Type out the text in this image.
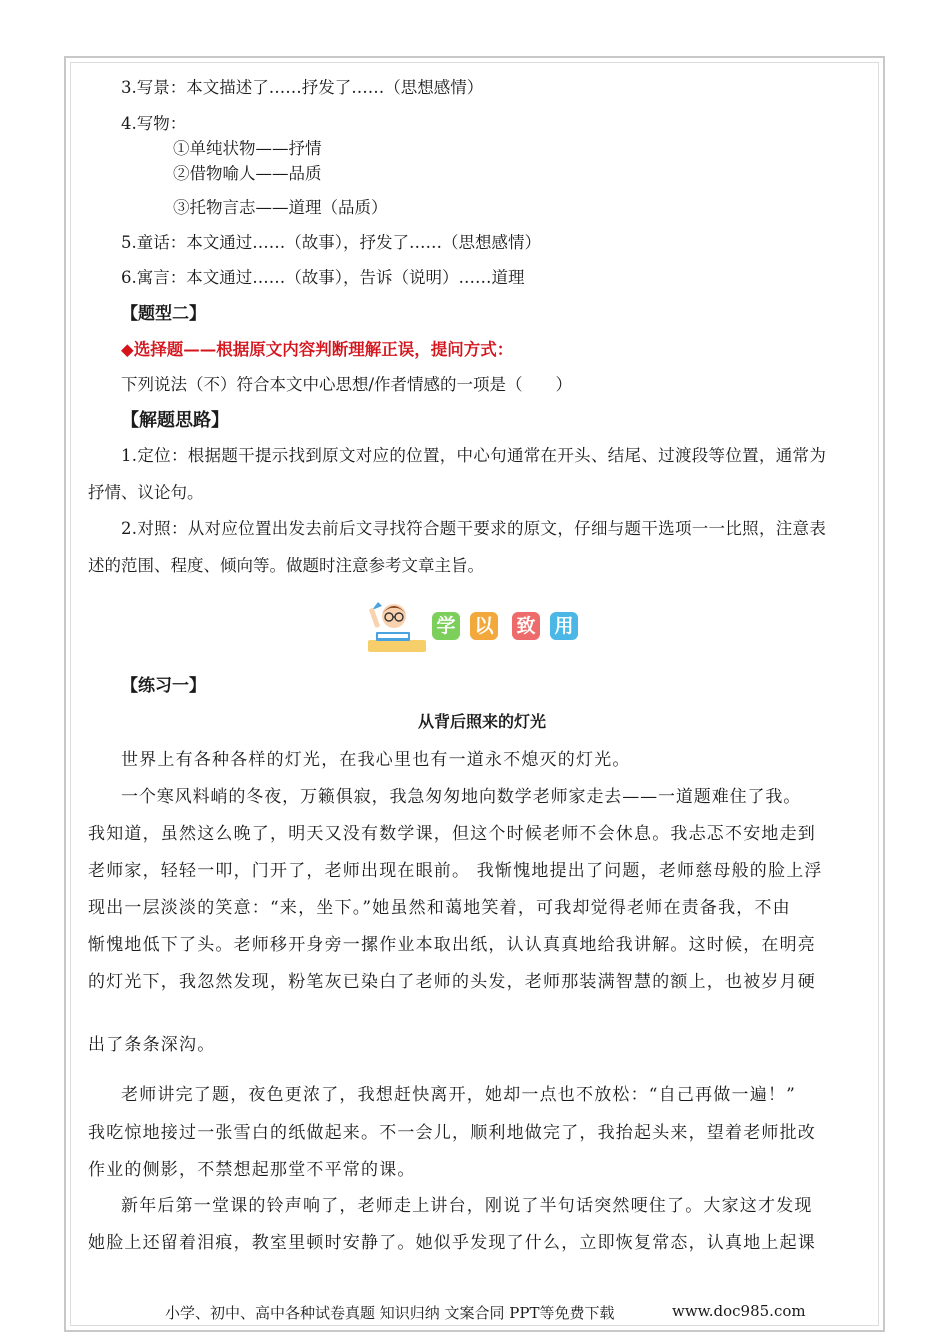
3.写景：本文描述了……抒发了……（思想感情）
4.写物：
①单纯状物——抒情
②借物喻人——品质
③托物言志——道理（品质）
5.童话：本文通过……（故事），抒发了……（思想感情）
6.寓言：本文通过……（故事），告诉（说明）……道理
【题型二】
◆选择题——根据原文内容判断理解正误，提问方式：
下列说法（不）符合本文中心思想/作者情感的一项是（　　）
【解题思路】
1.定位：根据题干提示找到原文对应的位置，中心句通常在开头、结尾、过渡段等位置，通常为
抒情、议论句。
2.对照：从对应位置出发去前后文寻找符合题干要求的原文，仔细与题干选项一一比照，注意表
述的范围、程度、倾向等。做题时注意参考文章主旨。
学 以 致 用
【练习一】
从背后照来的灯光
世界上有各种各样的灯光，在我心里也有一道永不熄灭的灯光。
一个寒风料峭的冬夜，万籁俱寂，我急匆匆地向数学老师家走去——一道题难住了我。
我知道，虽然这么晚了，明天又没有数学课，但这个时候老师不会休息。我忐忑不安地走到
老师家，轻轻一叩，门开了，老师出现在眼前。 我惭愧地提出了问题，老师慈母般的脸上浮
现出一层淡淡的笑意：“来，坐下。”她虽然和蔼地笑着，可我却觉得老师在责备我，不由
惭愧地低下了头。老师移开身旁一摞作业本取出纸，认认真真地给我讲解。这时候，在明亮
的灯光下，我忽然发现，粉笔灰已染白了老师的头发，老师那装满智慧的额上，也被岁月硬
出了条条深沟。
老师讲完了题，夜色更浓了，我想赶快离开，她却一点也不放松：“自己再做一遍！”
我吃惊地接过一张雪白的纸做起来。不一会儿，顺利地做完了，我抬起头来，望着老师批改
作业的侧影，不禁想起那堂不平常的课。
新年后第一堂课的铃声响了，老师走上讲台，刚说了半句话突然哽住了。大家这才发现
她脸上还留着泪痕，教室里顿时安静了。她似乎发现了什么，立即恢复常态，认真地上起课
小学、初中、高中各种试卷真题 知识归纳 文案合同 PPT等免费下载	www.doc985.com
